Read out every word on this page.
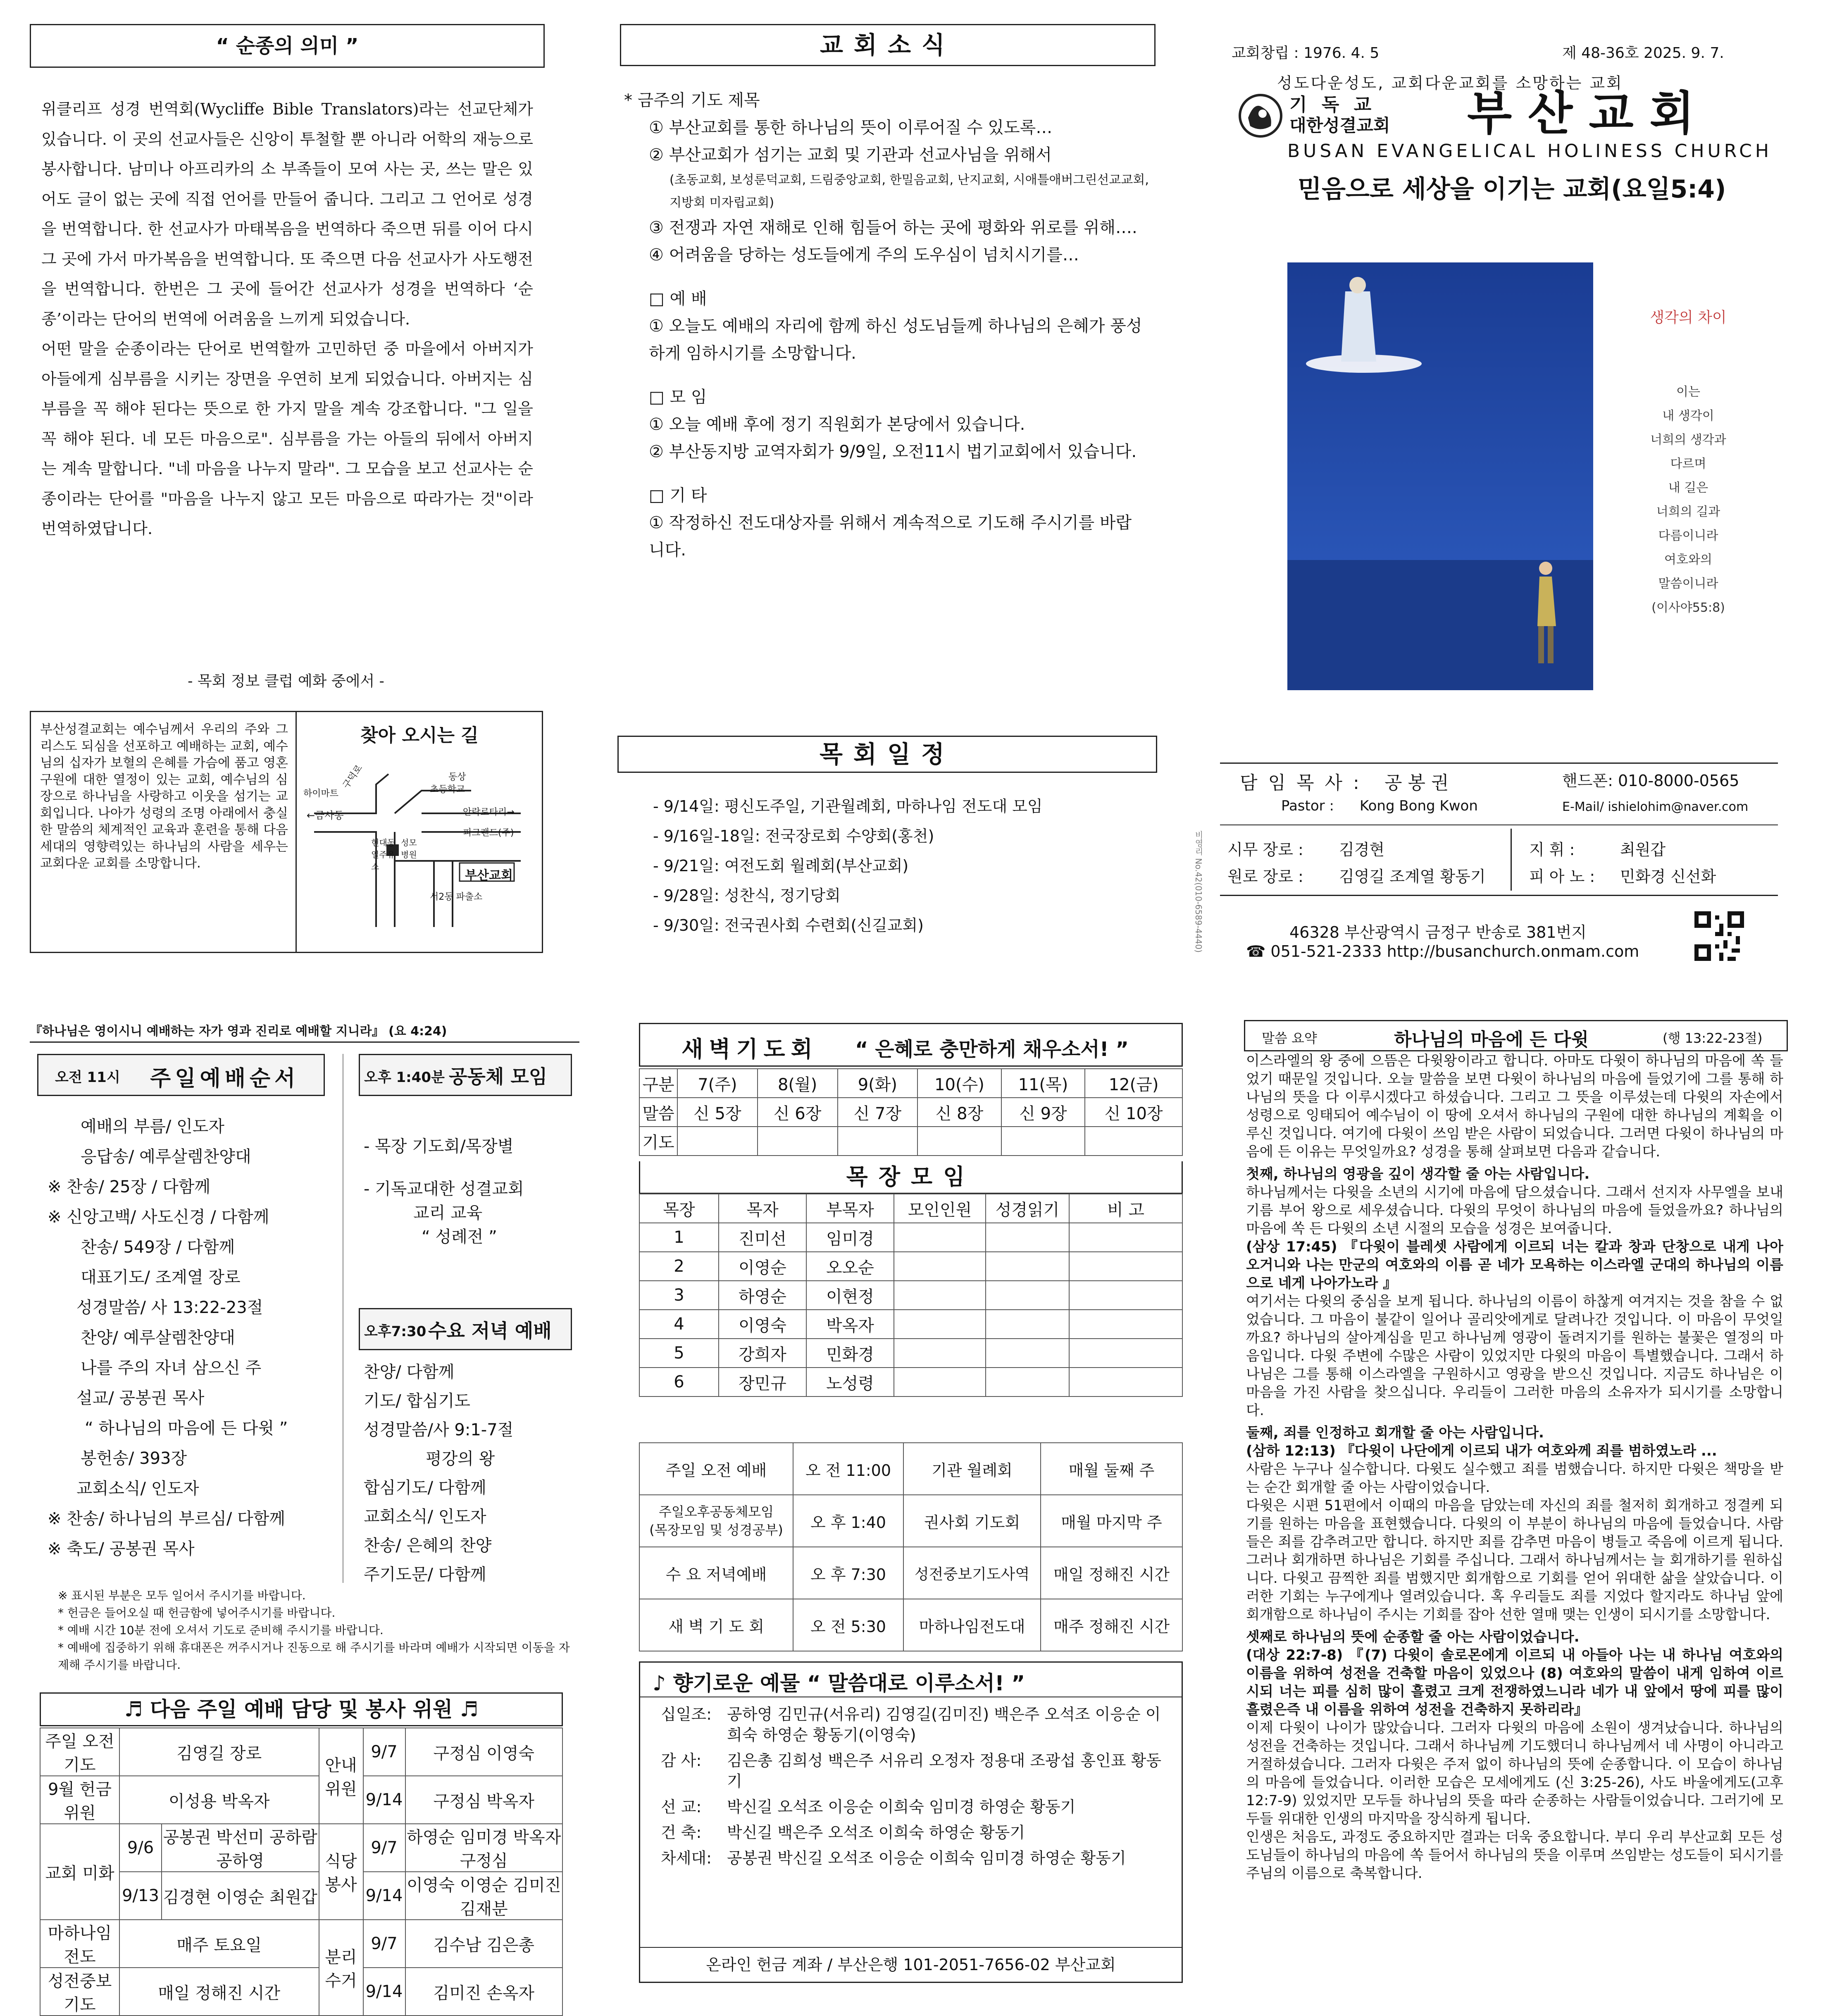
“ 순종의 의미 ”
위클리프 성경 번역회(Wycliffe Bible Translators)라는 선교단체가 있습니다. 이 곳의 선교사들은 신앙이 투철할 뿐 아니라 어학의 재능으로 봉사합니다. 남미나 아프리카의 소 부족들이 모여 사는 곳, 쓰는 말은 있어도 글이 없는 곳에 직접 언어를 만들어 줍니다. 그리고 그 언어로 성경을 번역합니다. 한 선교사가 마태복음을 번역하다 죽으면 뒤를 이어 다시 그 곳에 가서 마가복음을 번역합니다. 또 죽으면 다음 선교사가 사도행전을 번역합니다. 한번은 그 곳에 들어간 선교사가 성경을 번역하다 ‘순종’이라는 단어의 번역에 어려움을 느끼게 되었습니다.
어떤 말을 순종이라는 단어로 번역할까 고민하던 중 마을에서 아버지가 아들에게 심부름을 시키는 장면을 우연히 보게 되었습니다. 아버지는 심부름을 꼭 해야 된다는 뜻으로 한 가지 말을 계속 강조합니다. "그 일을 꼭 해야 된다. 네 모든 마음으로". 심부름을 가는 아들의 뒤에서 아버지는 계속 말합니다. "네 마음을 나누지 말라". 그 모습을 보고 선교사는 순종이라는 단어를 "마음을 나누지 않고 모든 마음으로 따라가는 것"이라 번역하였답니다.
- 목회 정보 클럽 예화 중에서 -
부산성결교회는 예수님께서 우리의 주와 그리스도 되심을 선포하고 예배하는 교회, 예수님의 십자가 보혈의 은혜를 가슴에 품고 영혼 구원에 대한 열정이 있는 교회, 예수님의 심장으로 하나님을 사랑하고 이웃을 섬기는 교회입니다. 나아가 성령의 조명 아래에서 충실한 말씀의 체계적인 교육과 훈련을 통해 다음 세대의 영향력있는 하나님의 사람을 세우는 교회다운 교회를 소망합니다.
찾아 오시는 길
하이마트
구덕로
←금사동
동상
초등학교
안락로타리→
피크랜드(주)
현대동일주유소
성모병원
부산교회
서2동 파출소
교회소식
* 금주의 기도 제목
① 부산교회를 통한 하나님의 뜻이 이루어질 수 있도록…
② 부산교회가 섬기는 교회 및 기관과 선교사님을 위해서
(초동교회, 보성룬덕교회, 드림중앙교회, 한밀음교회, 난지교회, 시애틀애버그린선교교회, 지방회 미자립교회)
③ 전쟁과 자연 재해로 인해 힘들어 하는 곳에 평화와 위로를 위해….
④ 어려움을 당하는 성도들에게 주의 도우심이 넘치시기를…
□ 예 배
① 오늘도 예배의 자리에 함께 하신 성도님들께 하나님의 은혜가 풍성하게 임하시기를 소망합니다.
□ 모 임
① 오늘 예배 후에 정기 직원회가 본당에서 있습니다.
② 부산동지방 교역자회가 9/9일, 오전11시 법기교회에서 있습니다.
□ 기 타
① 작정하신 전도대상자를 위해서 계속적으로 기도해 주시기를 바랍니다.
목회일정
- 9/14일: 평신도주일, 기관월례회, 마하나임 전도대 모임
- 9/16일-18일: 전국장로회 수양회(홍천)
- 9/21일: 여전도회 월례회(부산교회)
- 9/28일: 성찬식, 정기당회
- 9/30일: 전국권사회 수련회(신길교회)
교회창립 : 1976. 4. 5	제 48-36호 2025. 9. 7.
성도다운성도, 교회다운교회를 소망하는 교회
기 독 교
대한성결교회 부 산 교 회
BUSAN EVANGELICAL HOLINESS CHURCH
믿음으로 세상을 이기는 교회(요일5:4)
생각의 차이
이는
내 생각이
너희의 생각과
다르며
내 길은
너희의 길과
다름이니라
여호와의
말씀이니라
(이사야55:8)
담 임 목 사 : 공 봉 권	핸드폰: 010-8000-0565
Pastor : Kong Bong Kwon	E-Mail/ ishielohim@naver.com
시무 장로 : 김경현
원로 장로 : 김영길 조계열 황동기
지 휘 :	최원갑
피 아 노 : 민화경 신선화
46328 부산광역시 금정구 반송로 381번지
☎ 051-521-2333 http://busanchurch.onmam.com
비영리 No.42(010-6589-4440)
『하나님은 영이시니 예배하는 자가 영과 진리로 예배할 지니라』 (요 4:24)
오전 11시 주일예배순서
예배의 부름/ 인도자
응답송/ 예루살렘찬양대
※ 찬송/ 25장 / 다함께
※ 신앙고백/ 사도신경 / 다함께
찬송/ 549장 / 다함께
대표기도/ 조계열 장로
성경말씀/ 사 13:22-23절
찬양/ 예루살렘찬양대
나를 주의 자녀 삼으신 주
설교/ 공봉권 목사
“ 하나님의 마음에 든 다윗 ”
봉헌송/ 393장
교회소식/ 인도자
※ 찬송/ 하나님의 부르심/ 다함께
※ 축도/ 공봉권 목사
오후 1:40분 공동체 모임
- 목장 기도회/목장별
- 기독교대한 성결교회
교리 교육
“ 성례전 ”
오후7:30 수요 저녁 예배
찬양/ 다함께
기도/ 합심기도
성경말씀/사 9:1-7절
평강의 왕
합심기도/ 다함께
교회소식/ 인도자
찬송/ 은혜의 찬양
주기도문/ 다함께
※ 표시된 부분은 모두 일어서 주시기를 바랍니다.
* 헌금은 들어오실 때 헌금함에 넣어주시기를 바랍니다.
* 예배 시간 10분 전에 오셔서 기도로 준비해 주시기를 바랍니다.
* 예배에 집중하기 위해 휴대폰은 꺼주시거나 진동으로 해 주시기를 바라며 예배가 시작되면 이동을 자제해 주시기를 바랍니다.
♬ 다음 주일 예배 담당 및 봉사 위원 ♬
주일 오전 기도	김영길 장로		안내 위원	9/7	구정심 이영숙
9월 헌금위원	이성용 박옥자			9/14	구정심 박옥자
교회 미화	9/6	공봉권 박선미 공하람 공하영	식당 봉사	9/7	하영순 임미경 박옥자 구정심
	9/13	김경현 이영순 최원갑		9/14	이영숙 이영순 김미진 김재분
마하나임전도	매주 토요일		분리 수거	9/7	김수남 김은총
성전중보기도	매일 정해진 시간			9/14	김미진 손옥자
새벽기도회 “ 은혜로 충만하게 채우소서! ”
구분	7(주)	8(월)	9(화)	10(수)	11(목)	12(금)
말씀	신 5장	신 6장	신 7장	신 8장	신 9장	신 10장
기도						
목장모임
목장	목자	부목자	모인인원	성경읽기	비 고
1	진미선	임미경			
2	이영순	오오순			
3	하영순	이현정			
4	이영숙	박옥자			
5	강희자	민화경			
6	장민규	노성령			
주일 오전 예배	오 전 11:00	기관 월례회	매월 둘째 주
주일오후공동체모임
(목장모임 및 성경공부)	오 후 1:40	권사회 기도회	매월 마지막 주
수 요 저녁예배	오 후 7:30	성전중보기도사역	매일 정해진 시간
새 벽 기 도 회	오 전 5:30	마하나임전도대	매주 정해진 시간
♪ 향기로운 예물 “ 말씀대로 이루소서! ”
십일조: 공하영 김민규(서유리) 김영길(김미진) 백은주 오석조 이응순 이희숙 하영순 황동기(이영숙)
감 사:	김은총 김희성 백은주 서유리 오정자 정용대 조광섭 홍인표 황동기
선 교:	박신길 오석조 이응순 이희숙 임미경 하영순 황동기
건 축:	박신길 백은주 오석조 이희숙 하영순 황동기
차세대: 공봉권 박신길 오석조 이응순 이희숙 임미경 하영순 황동기
온라인 헌금 계좌 / 부산은행 101-2051-7656-02 부산교회
말씀 요약	하나님의 마음에 든 다윗	(행 13:22-23절)
이스라엘의 왕 중에 으뜸은 다윗왕이라고 합니다. 아마도 다윗이 하나님의 마음에 쏙 들었기 때문일 것입니다. 오늘 말씀을 보면 다윗이 하나님의 마음에 들었기에 그를 통해 하나님의 뜻을 다 이루시겠다고 하셨습니다. 그리고 그 뜻을 이루셨는데 다윗의 자손에서 성령으로 잉태되어 예수님이 이 땅에 오셔서 하나님의 구원에 대한 하나님의 계획을 이루신 것입니다. 여기에 다윗이 쓰임 받은 사람이 되었습니다. 그러면 다윗이 하나님의 마음에 든 이유는 무엇일까요? 성경을 통해 살펴보면 다음과 같습니다.
첫째, 하나님의 영광을 깊이 생각할 줄 아는 사람입니다.
하나님께서는 다윗을 소년의 시기에 마음에 담으셨습니다. 그래서 선지자 사무엘을 보내 기름 부어 왕으로 세우셨습니다. 다윗의 무엇이 하나님의 마음에 들었을까요? 하나님의 마음에 쏙 든 다윗의 소년 시절의 모습을 성경은 보여줍니다.
(삼상 17:45) 『다윗이 블레셋 사람에게 이르되 너는 칼과 창과 단창으로 내게 나아 오거니와 나는 만군의 여호와의 이름 곧 네가 모욕하는 이스라엘 군대의 하나님의 이름으로 네게 나아가노라 』
여기서는 다윗의 중심을 보게 됩니다. 하나님의 이름이 하찮게 여겨지는 것을 참을 수 없었습니다. 그 마음이 불같이 일어나 골리앗에게로 달려나간 것입니다. 이 마음이 무엇일까요? 하나님의 살아계심을 믿고 하나님께 영광이 돌려지기를 원하는 불꽃은 열정의 마음입니다. 다윗 주변에 수많은 사람이 있었지만 다윗의 마음이 특별했습니다. 그래서 하나님은 그를 통해 이스라엘을 구원하시고 영광을 받으신 것입니다. 지금도 하나님은 이 마음을 가진 사람을 찾으십니다. 우리들이 그러한 마음의 소유자가 되시기를 소망합니다.
둘째, 죄를 인정하고 회개할 줄 아는 사람입니다.
(삼하 12:13) 『다윗이 나단에게 이르되 내가 여호와께 죄를 범하였노라 ...
사람은 누구나 실수합니다. 다윗도 실수했고 죄를 범했습니다. 하지만 다윗은 책망을 받는 순간 회개할 줄 아는 사람이었습니다.
다윗은 시편 51편에서 이때의 마음을 담았는데 자신의 죄를 철저히 회개하고 정결케 되기를 원하는 마음을 표현했습니다. 다윗의 이 부분이 하나님의 마음에 들었습니다. 사람들은 죄를 감추려고만 합니다. 하지만 죄를 감추면 마음이 병들고 죽음에 이르게 됩니다. 그러나 회개하면 하나님은 기회를 주십니다. 그래서 하나님께서는 늘 회개하기를 원하십니다. 다윗고 끔찍한 죄를 범했지만 회개함으로 기회를 얻어 위대한 삶을 살았습니다. 이러한 기회는 누구에게나 열려있습니다. 혹 우리들도 죄를 지었다 할지라도 하나님 앞에 회개함으로 하나님이 주시는 기회를 잡아 선한 열매 맺는 인생이 되시기를 소망합니다.
셋째로 하나님의 뜻에 순종할 줄 아는 사람이었습니다.
(대상 22:7-8) 『(7) 다윗이 솔로몬에게 이르되 내 아들아 나는 내 하나님 여호와의 이름을 위하여 성전을 건축할 마음이 있었으나 (8) 여호와의 말씀이 내게 임하여 이르시되 너는 피를 심히 많이 흘렸고 크게 전쟁하였느니라 네가 내 앞에서 땅에 피를 많이 흘렸은즉 내 이름을 위하여 성전을 건축하지 못하리라』
이제 다윗이 나이가 많았습니다. 그러자 다윗의 마음에 소원이 생겨났습니다. 하나님의 성전을 건축하는 것입니다. 그래서 하나님께 기도했더니 하나님께서 네 사명이 아니라고 거절하셨습니다. 그러자 다윗은 주저 없이 하나님의 뜻에 순종합니다. 이 모습이 하나님의 마음에 들었습니다. 이러한 모습은 모세에게도 (신 3:25-26), 사도 바울에게도(고후 12:7-9) 있었지만 모두들 하나님의 뜻을 따라 순종하는 사람들이었습니다. 그러기에 모두들 위대한 인생의 마지막을 장식하게 됩니다.
인생은 처음도, 과정도 중요하지만 결과는 더욱 중요합니다. 부디 우리 부산교회 모든 성도님들이 하나님의 마음에 쏙 들어서 하나님의 뜻을 이루며 쓰임받는 성도들이 되시기를 주님의 이름으로 축복합니다.
